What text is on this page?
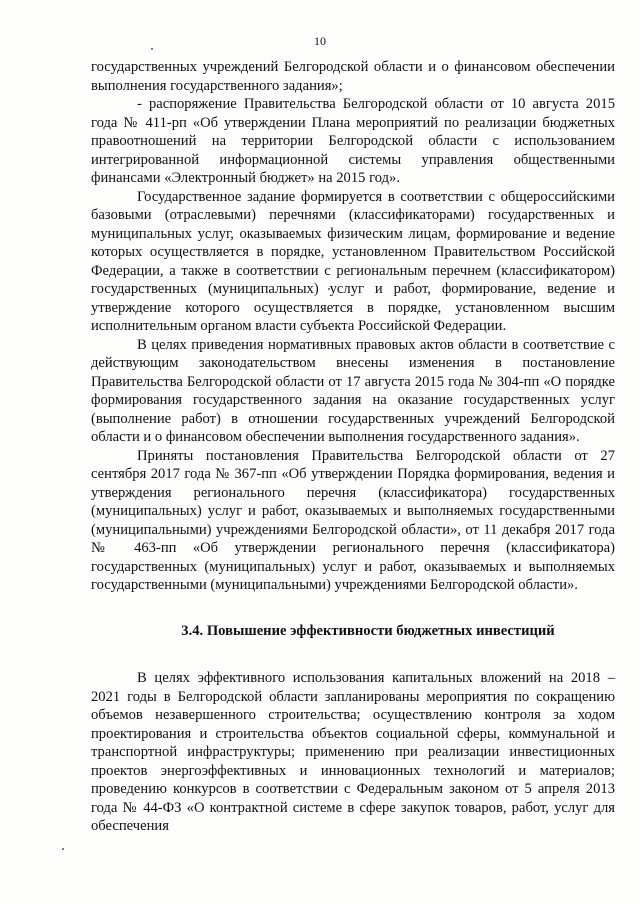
10

государственных учреждений Белгородской области и о финансовом обеспечении выполнения государственного задания»;

- распоряжение Правительства Белгородской области от 10 августа 2015 года № 411-рп «Об утверждении Плана мероприятий по реализации бюджетных правоотношений на территории Белгородской области с использованием интегрированной информационной системы управления общественными финансами «Электронный бюджет» на 2015 год».

Государственное задание формируется в соответствии с общероссийскими базовыми (отраслевыми) перечнями (классификаторами) государственных и муниципальных услуг, оказываемых физическим лицам, формирование и ведение которых осуществляется в порядке, установленном Правительством Российской Федерации, а также в соответствии с региональным перечнем (классификатором) государственных (муниципальных) услуг и работ, формирование, ведение и утверждение которого осуществляется в порядке, установленном высшим исполнительным органом власти субъекта Российской Федерации.

В целях приведения нормативных правовых актов области в соответствие с действующим законодательством внесены изменения в постановление Правительства Белгородской области от 17 августа 2015 года № 304-пп «О порядке формирования государственного задания на оказание государственных услуг (выполнение работ) в отношении государственных учреждений Белгородской области и о финансовом обеспечении выполнения государственного задания».

Приняты постановления Правительства Белгородской области от 27 сентября 2017 года № 367-пп «Об утверждении Порядка формирования, ведения и утверждения регионального перечня (классификатора) государственных (муниципальных) услуг и работ, оказываемых и выполняемых государственными (муниципальными) учреждениями Белгородской области», от 11 декабря 2017 года № 463-пп «Об утверждении регионального перечня (классификатора) государственных (муниципальных) услуг и работ, оказываемых и выполняемых государственными (муниципальными) учреждениями Белгородской области».

3.4. Повышение эффективности бюджетных инвестиций

В целях эффективного использования капитальных вложений на 2018 – 2021 годы в Белгородской области запланированы мероприятия по сокращению объемов незавершенного строительства; осуществлению контроля за ходом проектирования и строительства объектов социальной сферы, коммунальной и транспортной инфраструктуры; применению при реализации инвестиционных проектов энергоэффективных и инновационных технологий и материалов; проведению конкурсов в соответствии с Федеральным законом от 5 апреля 2013 года № 44-ФЗ «О контрактной системе в сфере закупок товаров, работ, услуг для обеспечения
